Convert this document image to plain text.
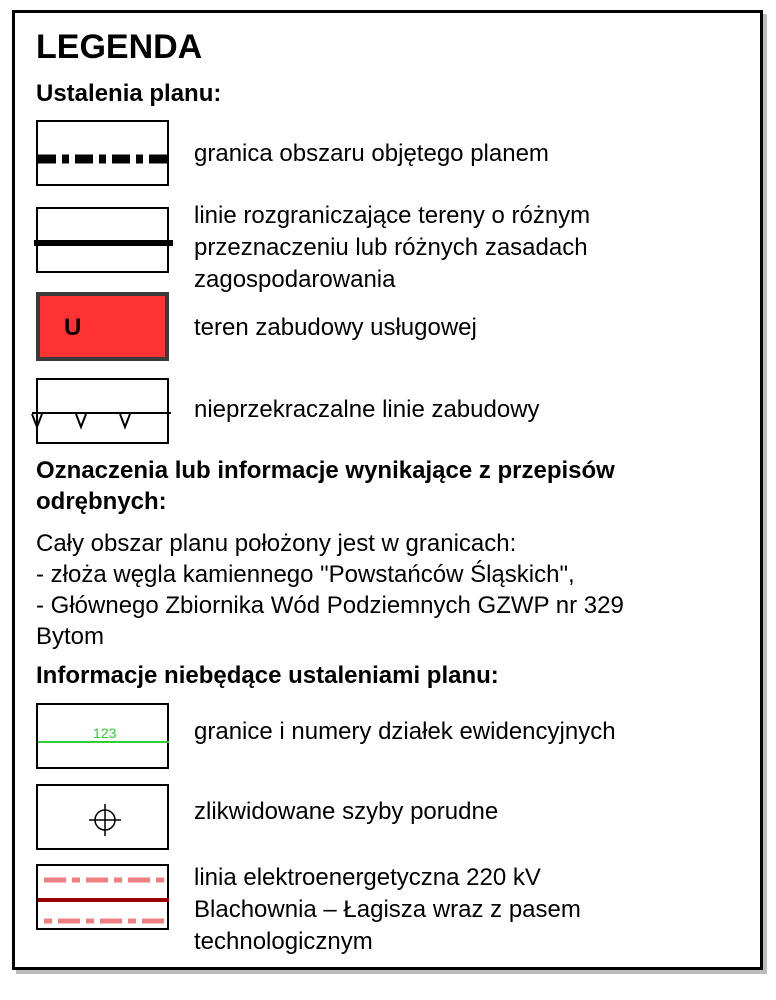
LEGENDA
Ustalenia planu:
granica obszaru objętego planem
linie rozgraniczające tereny o różnym
przeznaczeniu lub różnych zasadach
zagospodarowania
U	teren zabudowy usługowej
nieprzekraczalne linie zabudowy
Oznaczenia lub informacje wynikające z przepisów
odrębnych:
Cały obszar planu położony jest w granicach:
- złoża węgla kamiennego "Powstańców Śląskich",
- Głównego Zbiornika Wód Podziemnych GZWP nr 329
Bytom
Informacje niebędące ustaleniami planu:
123	granice i numery działek ewidencyjnych
zlikwidowane szyby porudne
linia elektroenergetyczna 220 kV
Blachownia – Łagisza wraz z pasem
technologicznym
